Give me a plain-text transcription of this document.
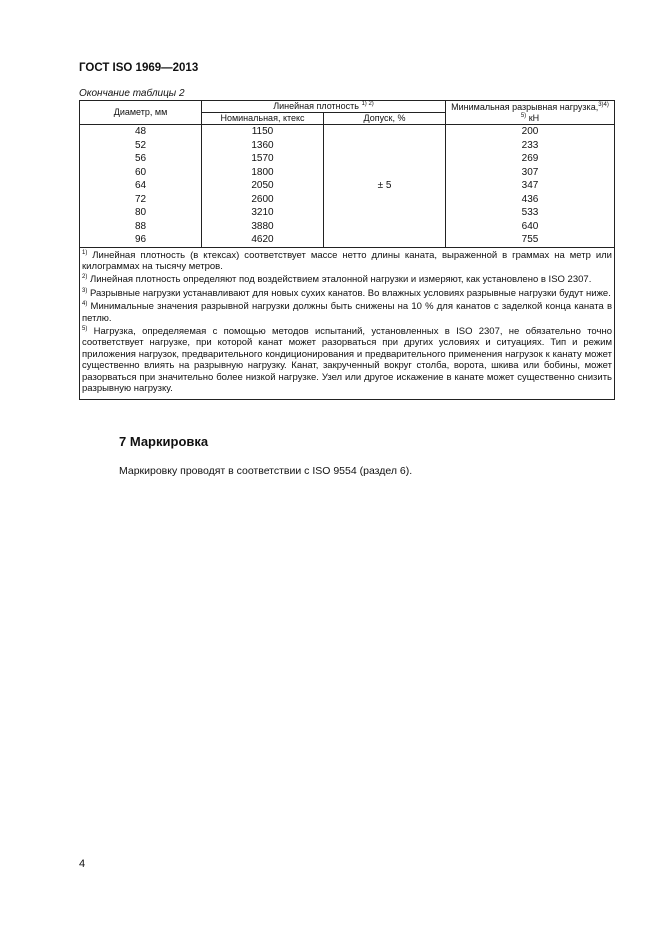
ГОСТ ISO 1969—2013
Окончание таблицы 2
Диаметр, мм	Линейная плотность $^{1) 2)}$		Минимальная разрывная нагрузка,$^{3)4)}$
$^{5)}$ кН
	Номинальная, ктекс	Допуск, %	
48	1150	± 5	200
52	1360		233
56	1570		269
60	1800		307
64	2050		347
72	2600		436
80	3210		533
88	3880		640
96	4620		755

$^{1)}$ Линейная плотность (в ктексах) соответствует массе нетто длины каната, выраженной в граммах на метр или килограммах на тысячу метров.

$^{2)}$ Линейная плотность определяют под воздействием эталонной нагрузки и измеряют, как установлено в ISO 2307.

$^{3)}$ Разрывные нагрузки устанавливают для новых сухих канатов. Во влажных условиях разрывные нагрузки будут ниже.

$^{4)}$ Минимальные значения разрывной нагрузки должны быть снижены на 10 % для канатов с заделкой конца каната в петлю.

$^{5)}$ Нагрузка, определяемая с помощью методов испытаний, установленных в ISO 2307, не обязательно точно соответствует нагрузке, при которой канат может разорваться при других условиях и ситуациях. Тип и режим приложения нагрузок, предварительного кондиционирования и предварительного применения нагрузок к канату может существенно влиять на разрывную нагрузку. Канат, закрученный вокруг столба, ворота, шкива или бобины, может разорваться при значительно более низкой нагрузке. Узел или другое искажение в канате может существенно снизить разрывную нагрузку.			

7 Маркировка
Маркировку проводят в соответствии с ISO 9554 (раздел 6).
4
